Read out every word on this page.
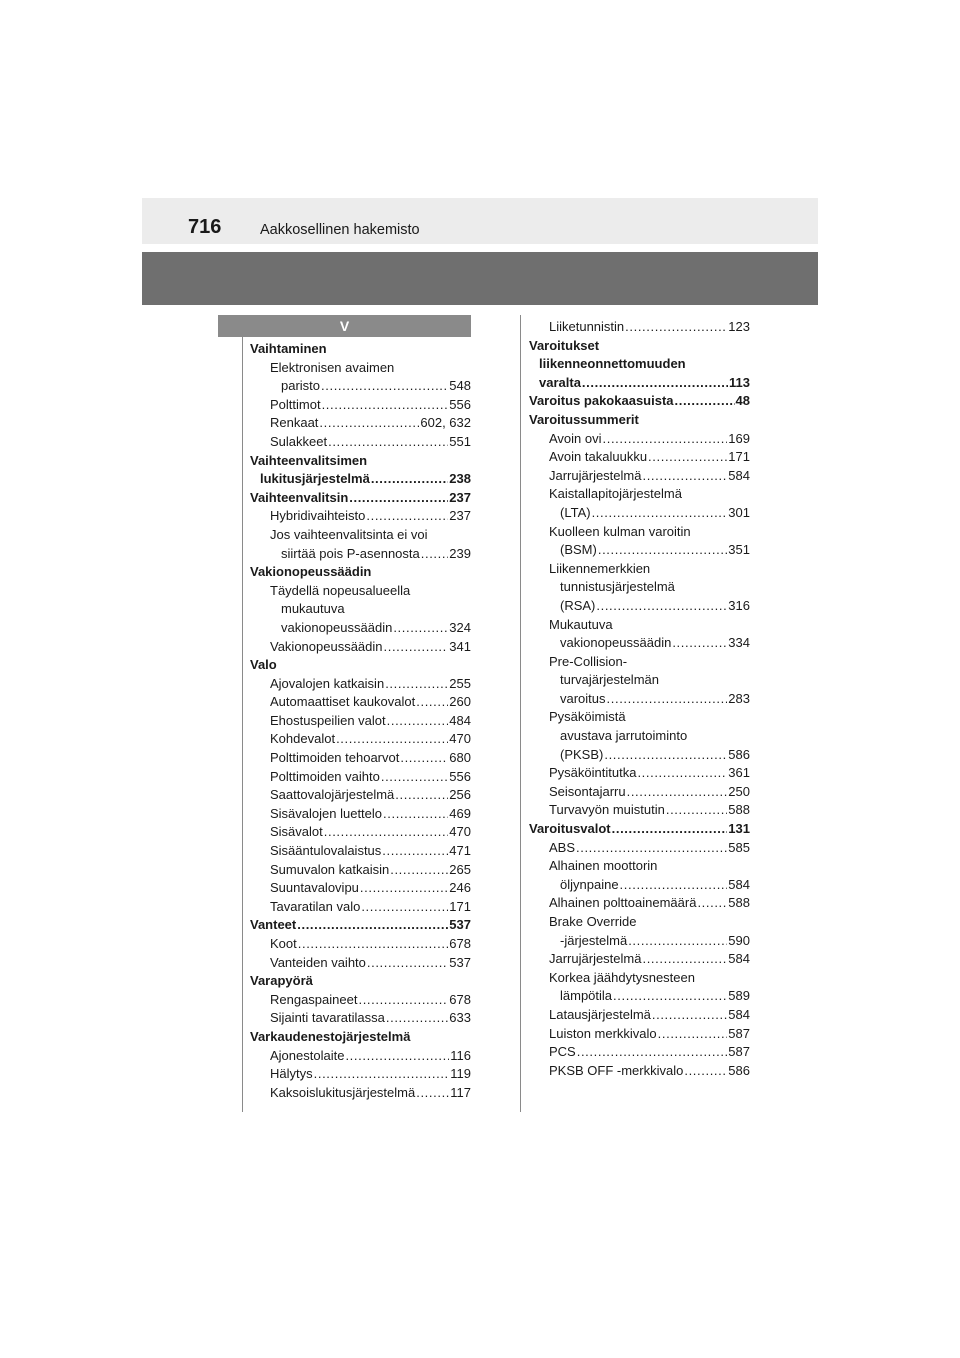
716	Aakkosellinen hakemisto
V
Vaihtaminen
Elektronisen avaimen
paristo . . .	548
Polttimot . . .	556
Renkaat . . .	602, 632
Sulakkeet . . .	551
Vaihteenvalitsimen
lukitusjärjestelmä . . .	238
Vaihteenvalitsin . . .	237
Hybridivaihteisto . . .	237
Jos vaihteenvalitsinta ei voi
siirtää pois P-asennosta . . . 239
Vakionopeussäädin
Täydellä nopeusalueella
mukautuva
vakionopeussäädin . . .	324
Vakionopeussäädin . . .	341
Valo
Ajovalojen katkaisin . . .	255
Automaattiset kaukovalot . . .	260
Ehostuspeilien valot . . .	484
Kohdevalot . . .	470
Polttimoiden tehoarvot . . .	680
Polttimoiden vaihto . . .	556
Saattovalojärjestelmä . . .	256
Sisävalojen luettelo . . .	469
Sisävalot . . .	470
Sisääntulovalaistus . . .	471
Sumuvalon katkaisin . . .	265
Suuntavalovipu . . .	246
Tavaratilan valo . . .	171
Vanteet . . .	537
Koot . . .	678
Vanteiden vaihto . . .	537
Varapyörä
Rengaspaineet . . .	678
Sijainti tavaratilassa . . .	633
Varkaudenestojärjestelmä
Ajonestolaite . . .	116
Hälytys . . .	119
Kaksoislukitusjärjestelmä . . .	117
Liiketunnistin . . .	123
Varoitukset
liikenneonnettomuuden
varalta . . .	113
Varoitus pakokaasuista . . .	48
Varoitussummerit
Avoin ovi . . .	169
Avoin takaluukku . . .	171
Jarrujärjestelmä . . .	584
Kaistallapitojärjestelmä
(LTA) . . .	301
Kuolleen kulman varoitin
(BSM) . . .	351
Liikennemerkkien
tunnistusjärjestelmä
(RSA) . . .	316
Mukautuva
vakionopeussäädin . . .	334
Pre-Collision-
turvajärjestelmän
varoitus . . .	283
Pysäköimistä
avustava jarrutoiminto
(PKSB) . . .	586
Pysäköintitutka . . .	361
Seisontajarru . . .	250
Turvavyön muistutin . . .	588
Varoitusvalot . . .	131
ABS . . .	585
Alhainen moottorin
öljynpaine . . .	584
Alhainen polttoainemäärä . . . 588
Brake Override
-järjestelmä . . .	590
Jarrujärjestelmä . . .	584
Korkea jäähdytysnesteen
lämpötila . . .	589
Latausjärjestelmä . . .	584
Luiston merkkivalo . . .	587
PCS . . .	587
PKSB OFF -merkkivalo . . .	586
